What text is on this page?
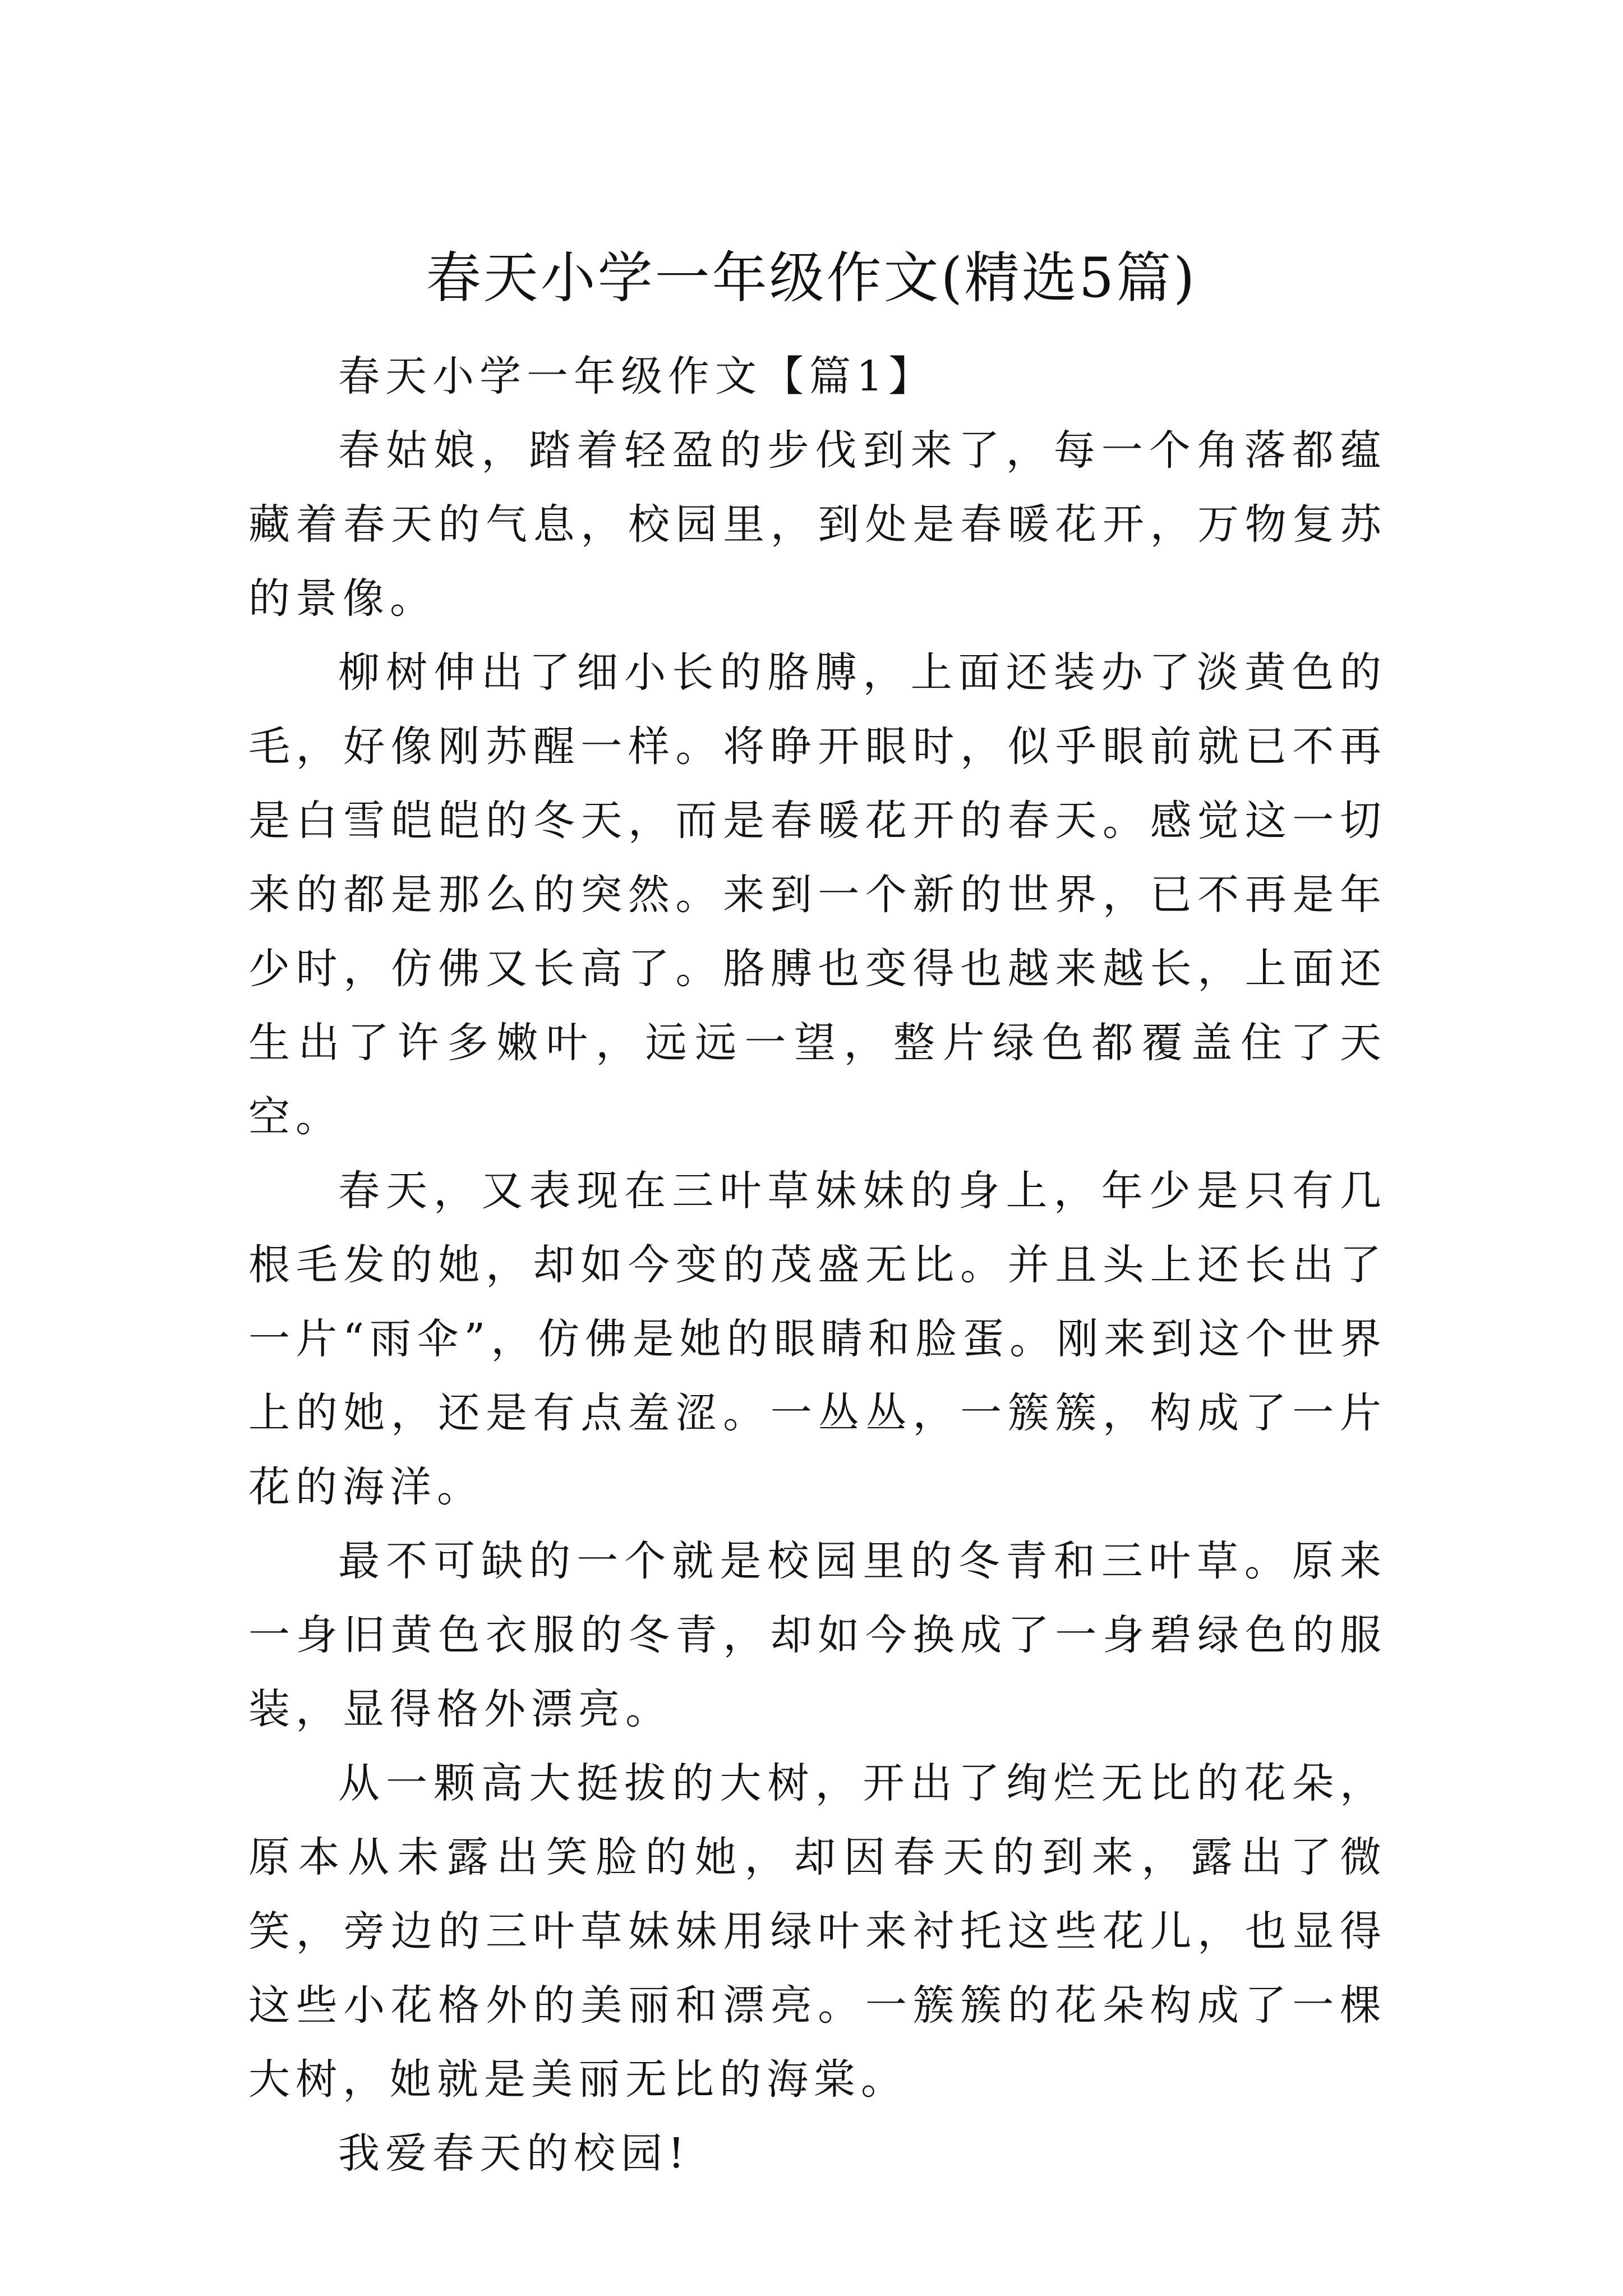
春天小学一年级作文(精选5篇)

春天小学一年级作文【篇1】

春姑娘，踏着轻盈的步伐到来了，每一个角落都蕴藏着春天的气息，校园里，到处是春暖花开，万物复苏的景像。

柳树伸出了细小长的胳膊，上面还装办了淡黄色的毛，好像刚苏醒一样。将睁开眼时，似乎眼前就已不再是白雪皑皑的冬天，而是春暖花开的春天。感觉这一切来的都是那么的突然。来到一个新的世界，已不再是年少时，仿佛又长高了。胳膊也变得也越来越长，上面还生出了许多嫩叶，远远一望，整片绿色都覆盖住了天空。

春天，又表现在三叶草妹妹的身上，年少是只有几根毛发的她，却如今变的茂盛无比。并且头上还长出了一片“雨伞”，仿佛是她的眼睛和脸蛋。刚来到这个世界上的她，还是有点羞涩。一丛丛，一簇簇，构成了一片花的海洋。

最不可缺的一个就是校园里的冬青和三叶草。原来一身旧黄色衣服的冬青，却如今换成了一身碧绿色的服装，显得格外漂亮。

从一颗高大挺拔的大树，开出了绚烂无比的花朵，原本从未露出笑脸的她，却因春天的到来，露出了微笑，旁边的三叶草妹妹用绿叶来衬托这些花儿，也显得这些小花格外的美丽和漂亮。一簇簇的花朵构成了一棵大树，她就是美丽无比的海棠。

我爱春天的校园!
